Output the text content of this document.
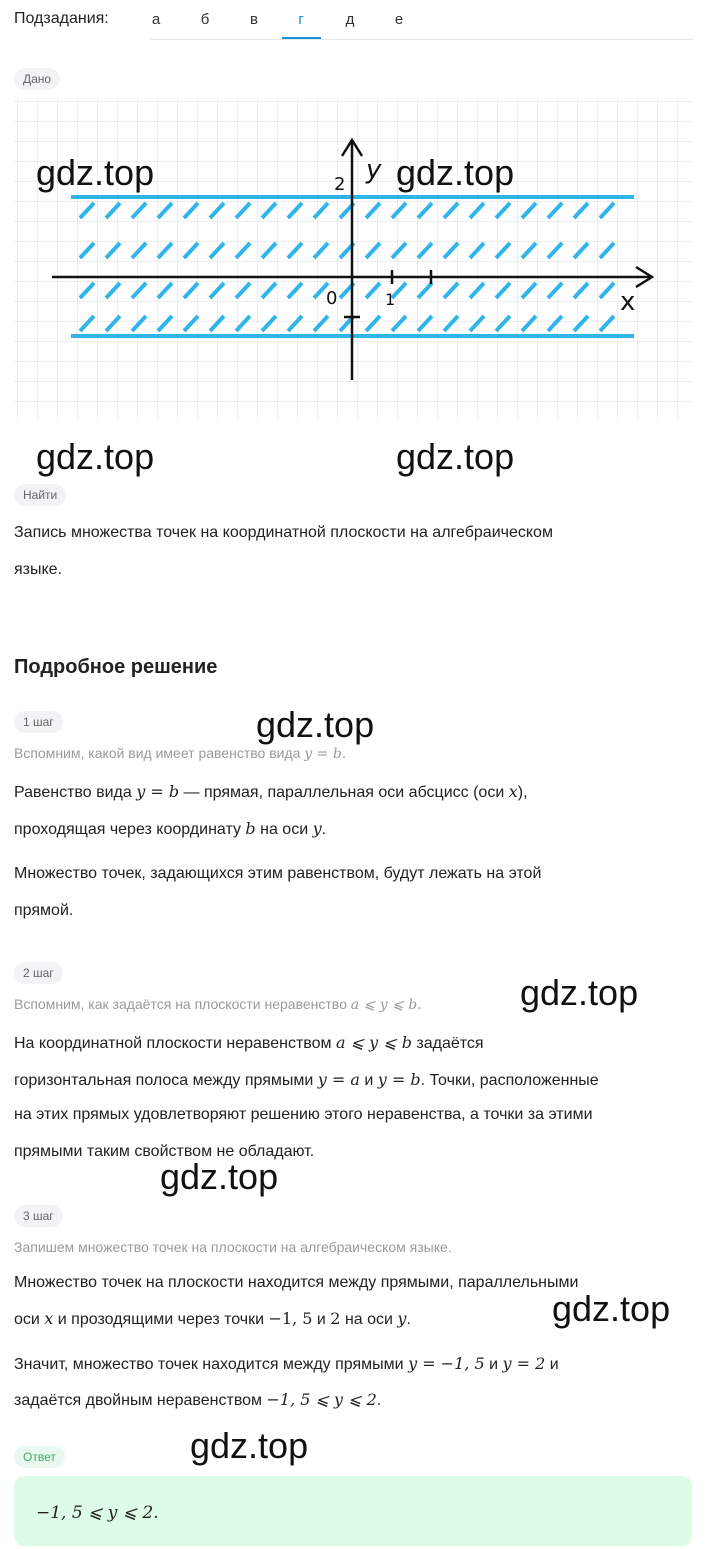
Подзадания:	а	б	в	г	д	е
Дано
y
x
0	1
2
Найти
Запись множества точек на координатной плоскости на алгебраическом
языке.
Подробное решение
1 шаг
Вспомним, какой вид имеет равенство вида y = b.
Равенство вида y = b — прямая, параллельная оси абсцисс (оси x),
проходящая через координату b на оси y.
Множество точек, задающихся этим равенством, будут лежать на этой
прямой.
2 шаг
Вспомним, как задаётся на плоскости неравенство a ⩽ y ⩽ b.
На координатной плоскости неравенством a ⩽ y ⩽ b задаётся
горизонтальная полоса между прямыми y = a и y = b. Точки, расположенные
на этих прямых удовлетворяют решению этого неравенства, а точки за этими
прямыми таким свойством не обладают.
3 шаг
Запишем множество точек на плоскости на алгебраическом языке.
Множество точек на плоскости находится между прямыми, параллельными
оси x и прозодящими через точки −1, 5 и 2 на оси y.
Значит, множество точек находится между прямыми y = −1, 5 и y = 2 и
задаётся двойным неравенством −1, 5 ⩽ y ⩽ 2.
Ответ
−1, 5 ⩽ y ⩽ 2.
gdz.top	gdz.top
gdz.top	gdz.top
gdz.top
gdz.top
gdz.top
gdz.top
gdz.top
